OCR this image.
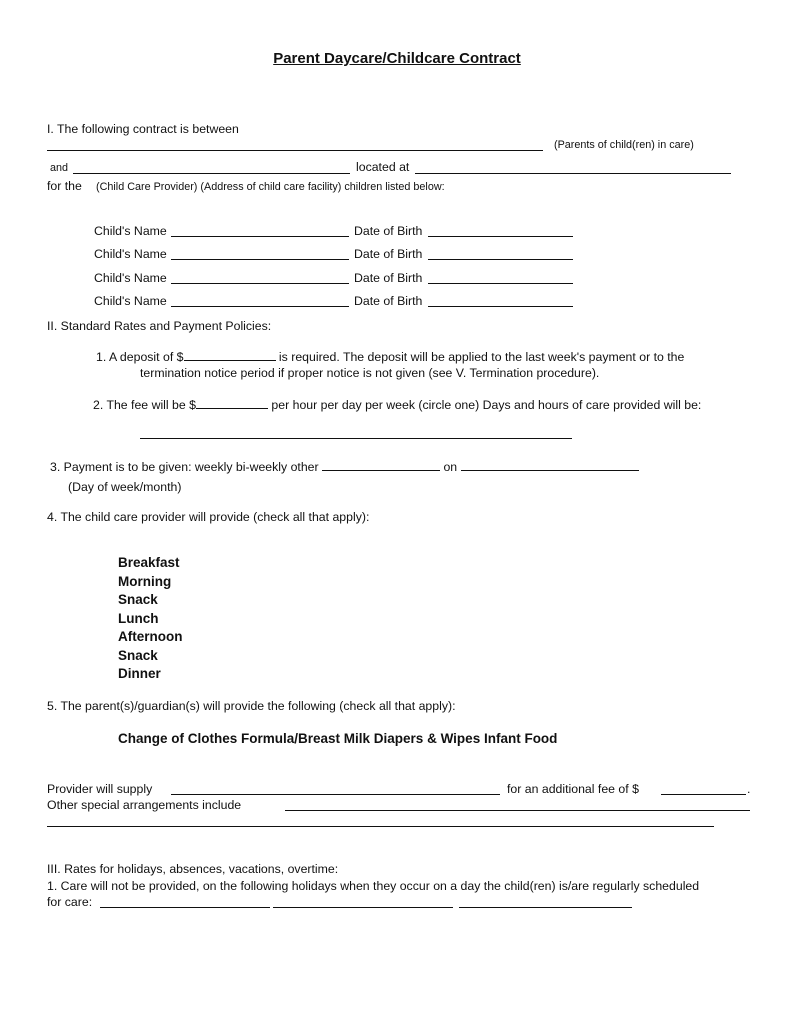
Parent Daycare/Childcare Contract
I. The following contract is between
(Parents of child(ren) in care)
and	located at
for the (Child Care Provider) (Address of child care facility) children listed below:
Child's Name	Date of Birth
Child's Name	Date of Birth
Child's Name	Date of Birth
Child's Name	Date of Birth
II. Standard Rates and Payment Policies:
1. A deposit of $	is required. The deposit will be applied to the last week's payment or to the
termination notice period if proper notice is not given (see V. Termination procedure).
2. The fee will be $	per hour per day per week (circle one) Days and hours of care provided will be:
3. Payment is to be given: weekly bi-weekly other	on
(Day of week/month)
4. The child care provider will provide (check all that apply):
Breakfast
Morning
Snack
Lunch
Afternoon
Snack
Dinner
5. The parent(s)/guardian(s) will provide the following (check all that apply):
Change of Clothes Formula/Breast Milk Diapers & Wipes Infant Food
Provider will supply	for an additional fee of $	.
Other special arrangements include
III. Rates for holidays, absences, vacations, overtime:
1. Care will not be provided, on the following holidays when they occur on a day the child(ren) is/are regularly scheduled
for care:
